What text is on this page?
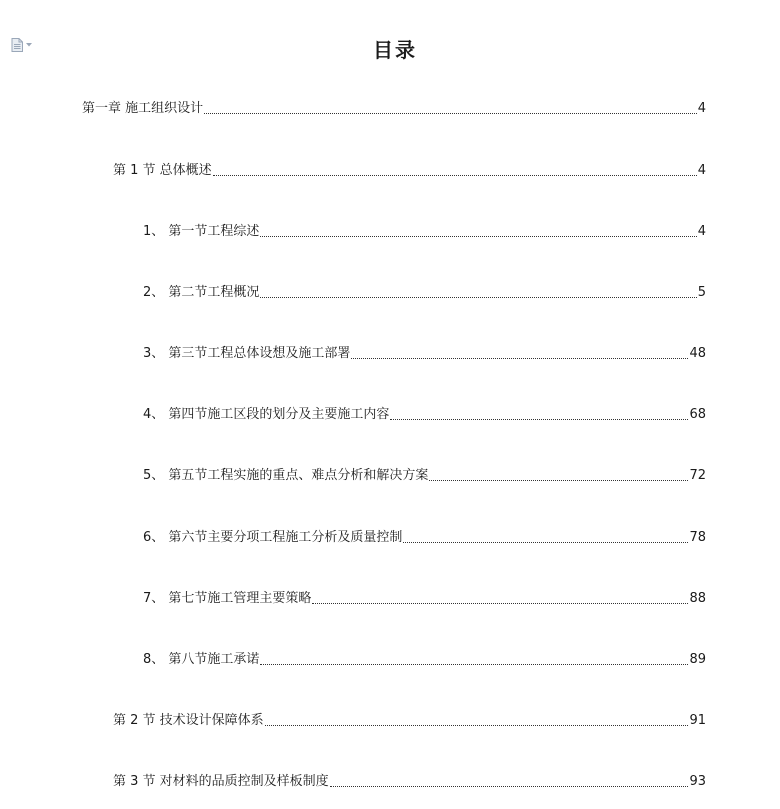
目录
第一章 施工组织设计	4
第 1 节 总体概述	4
1、 第一节工程综述	4
2、 第二节工程概况	5
3、 第三节工程总体设想及施工部署	48
4、 第四节施工区段的划分及主要施工内容	68
5、 第五节工程实施的重点、难点分析和解决方案	72
6、 第六节主要分项工程施工分析及质量控制	78
7、 第七节施工管理主要策略	88
8、 第八节施工承诺	89
第 2 节 技术设计保障体系	91
第 3 节 对材料的品质控制及样板制度	93
